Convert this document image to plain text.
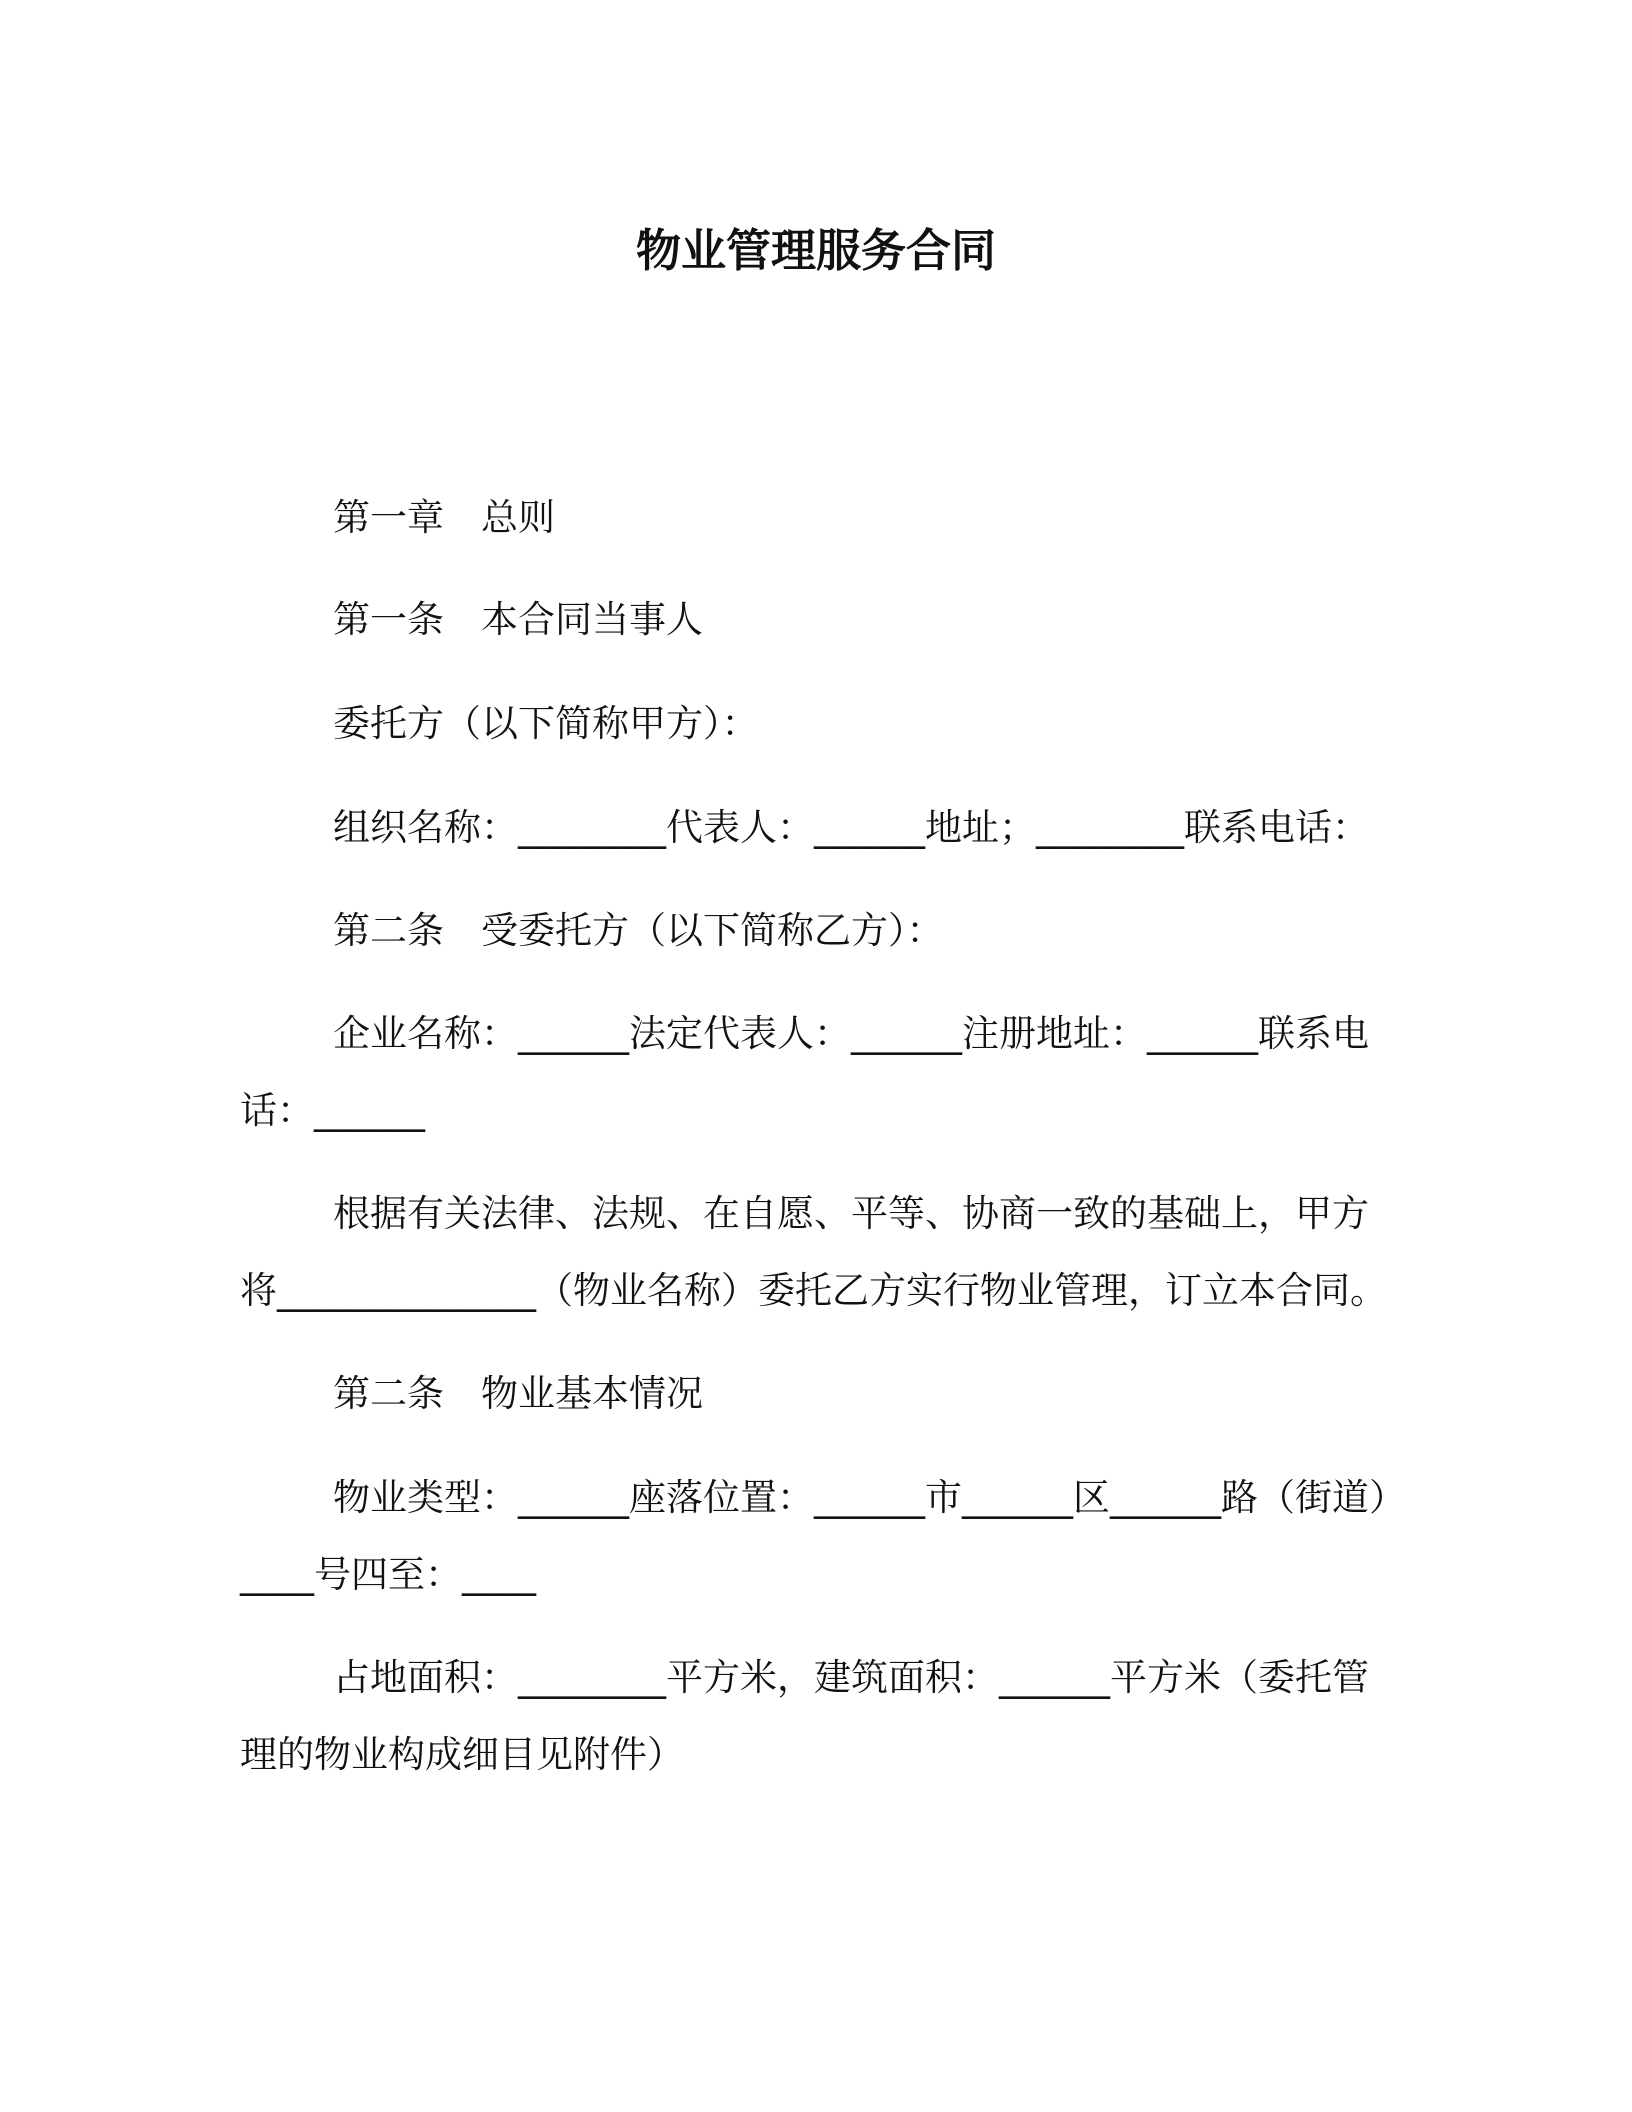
物业管理服务合同
第一章　总则
第一条　本合同当事人
委托方（以下简称甲方）：
组织名称：________代表人：______地址；________联系电话：
第二条　受委托方（以下简称乙方）：
企业名称：______法定代表人：______注册地址：______联系电
话：______
根据有关法律、法规、在自愿、平等、协商一致的基础上，甲方
将______________（物业名称）委托乙方实行物业管理，订立本合同。
第二条　物业基本情况
物业类型：______座落位置：______市______区______路（街道）
____号四至：____
占地面积：________平方米，建筑面积：______平方米（委托管
理的物业构成细目见附件）
